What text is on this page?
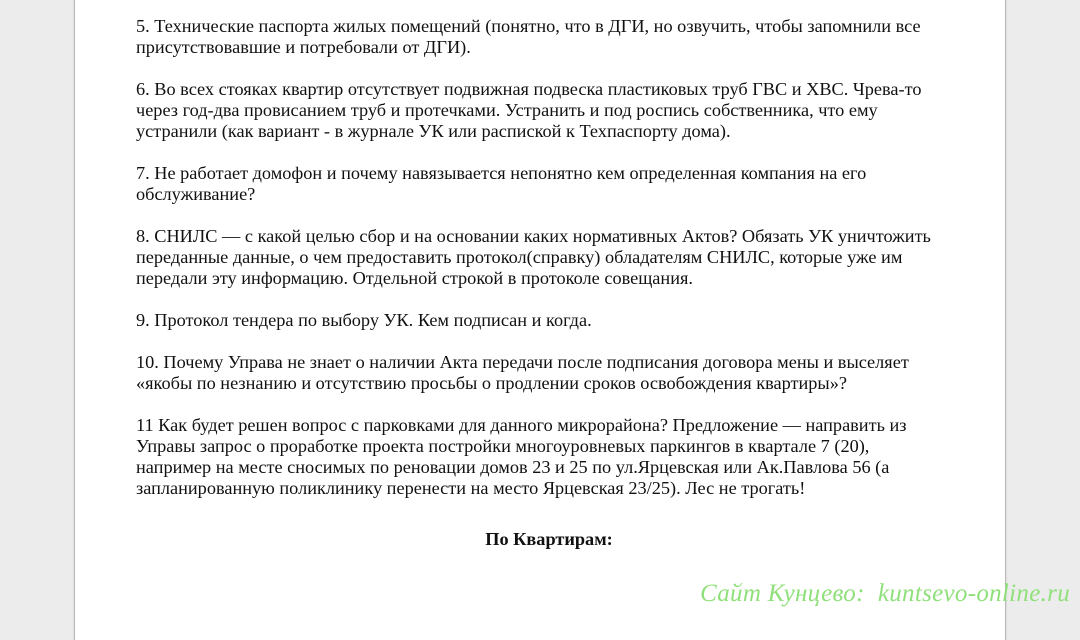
5. Технические паспорта жилых помещений (понятно, что в ДГИ, но озвучить, чтобы запомнили все
присутствовавшие и потребовали от ДГИ).

6. Во всех стояках квартир отсутствует подвижная подвеска пластиковых труб ГВС и ХВС. Чрева-то
через год-два провисанием труб и протечками. Устранить и под роспись собственника, что ему
устранили (как вариант - в журнале УК или распиской к Техпаспорту дома).

7. Не работает домофон и почему навязывается непонятно кем определенная компания на его
обслуживание?

8. СНИЛС — с какой целью сбор и на основании каких нормативных Актов? Обязать УК уничтожить
переданные данные, о чем предоставить протокол(справку) обладателям СНИЛС, которые уже им
передали эту информацию. Отдельной строкой в протоколе совещания.

9. Протокол тендера по выбору УК. Кем подписан и когда.

10. Почему Управа не знает о наличии Акта передачи после подписания договора мены и выселяет
«якобы по незнанию и отсутствию просьбы о продлении сроков освобождения квартиры»?

11 Как будет решен вопрос с парковками для данного микрорайона? Предложение — направить из
Управы запрос о проработке проекта постройки многоуровневых паркингов в квартале 7 (20),
например на месте сносимых по реновации домов 23 и 25 по ул.Ярцевская или Ак.Павлова 56 (а
запланированную поликлинику перенести на место Ярцевская 23/25). Лес не трогать!

По Квартирам:

Сайт Кунцево:  kuntsevo-online.ru
